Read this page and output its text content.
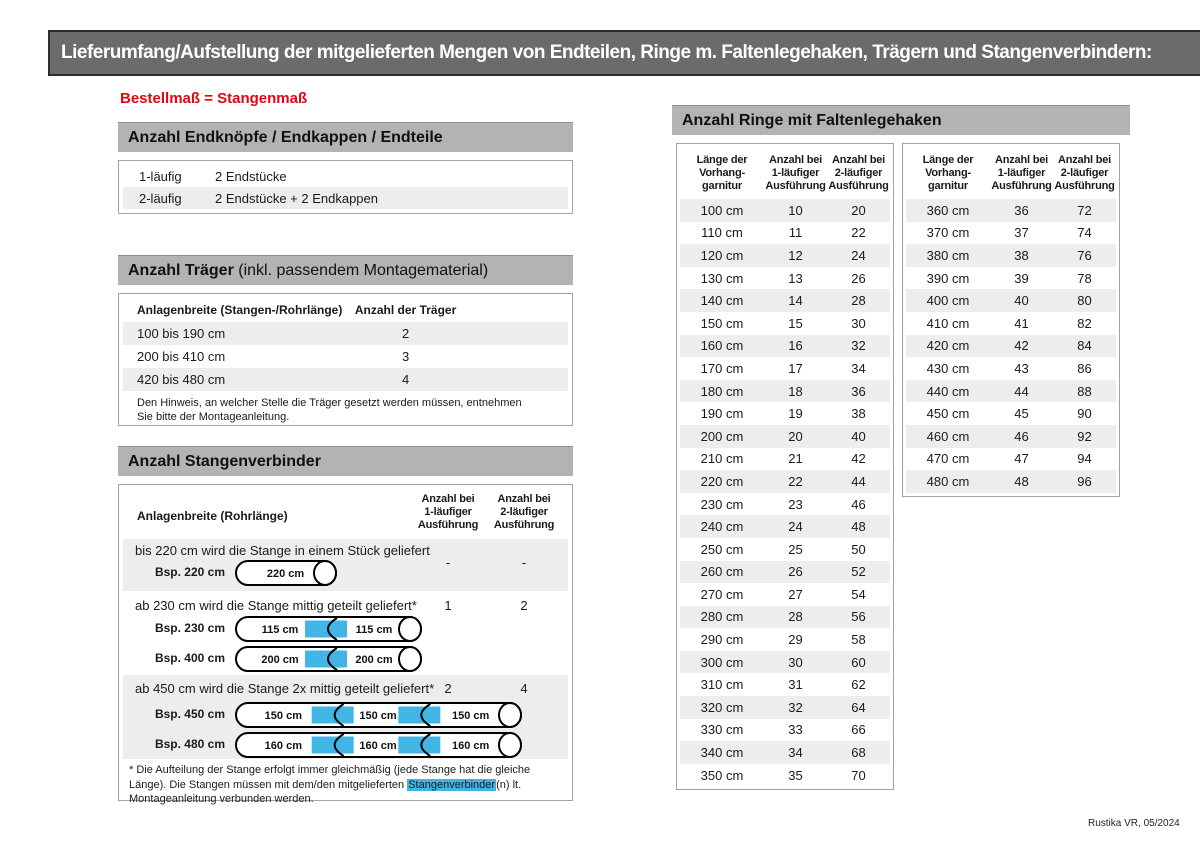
Lieferumfang/Aufstellung der mitgelieferten Mengen von Endteilen, Ringe m. Faltenlegehaken, Trägern und Stangenverbindern:
Bestellmaß = Stangenmaß
Anzahl Endknöpfe / Endkappen / Endteile
1-läufig	2 Endstücke
2-läufig	2 Endstücke + 2 Endkappen
Anzahl Träger (inkl. passendem Montagematerial)
Anlagenbreite (Stangen-/Rohrlänge)	Anzahl der Träger
100 bis 190 cm	2
200 bis 410 cm	3
420 bis 480 cm	4
Den Hinweis, an welcher Stelle die Träger gesetzt werden müssen, entnehmen Sie bitte der Montageanleitung.
Anzahl Stangenverbinder
Anlagenbreite (Rohrlänge)
Anzahl bei
1-läufiger
Ausführung
Anzahl bei
2-läufiger
Ausführung
bis 220 cm wird die Stange in einem Stück geliefert
-	-
Bsp. 220 cm	220 cm
ab 230 cm wird die Stange mittig geteilt geliefert*	1	2
Bsp. 230 cm	115 cm	115 cm
Bsp. 400 cm	200 cm	200 cm
ab 450 cm wird die Stange 2x mittig geteilt geliefert* 2	4
Bsp. 450 cm	150 cm	150 cm	150 cm
Bsp. 480 cm	160 cm	160 cm	160 cm
* Die Aufteilung der Stange erfolgt immer gleichmäßig (jede Stange hat die gleiche Länge). Die Stangen müssen mit dem/den mitgelieferten Stangenverbinder(n) lt. Montageanleitung verbunden werden.
Anzahl Ringe mit Faltenlegehaken
Länge der
Vorhang-
garnitur
Anzahl bei
1-läufiger
Ausführung
Anzahl bei
2-läufiger
Ausführung
100 cm	10	20
110 cm	11	22
120 cm	12	24
130 cm	13	26
140 cm	14	28
150 cm	15	30
160 cm	16	32
170 cm	17	34
180 cm	18	36
190 cm	19	38
200 cm	20	40
210 cm	21	42
220 cm	22	44
230 cm	23	46
240 cm	24	48
250 cm	25	50
260 cm	26	52
270 cm	27	54
280 cm	28	56
290 cm	29	58
300 cm	30	60
310 cm	31	62
320 cm	32	64
330 cm	33	66
340 cm	34	68
350 cm	35	70
Länge der
Vorhang-
garnitur
Anzahl bei
1-läufiger
Ausführung
Anzahl bei
2-läufiger
Ausführung
360 cm	36	72
370 cm	37	74
380 cm	38	76
390 cm	39	78
400 cm	40	80
410 cm	41	82
420 cm	42	84
430 cm	43	86
440 cm	44	88
450 cm	45	90
460 cm	46	92
470 cm	47	94
480 cm	48	96
Rustika VR, 05/2024
